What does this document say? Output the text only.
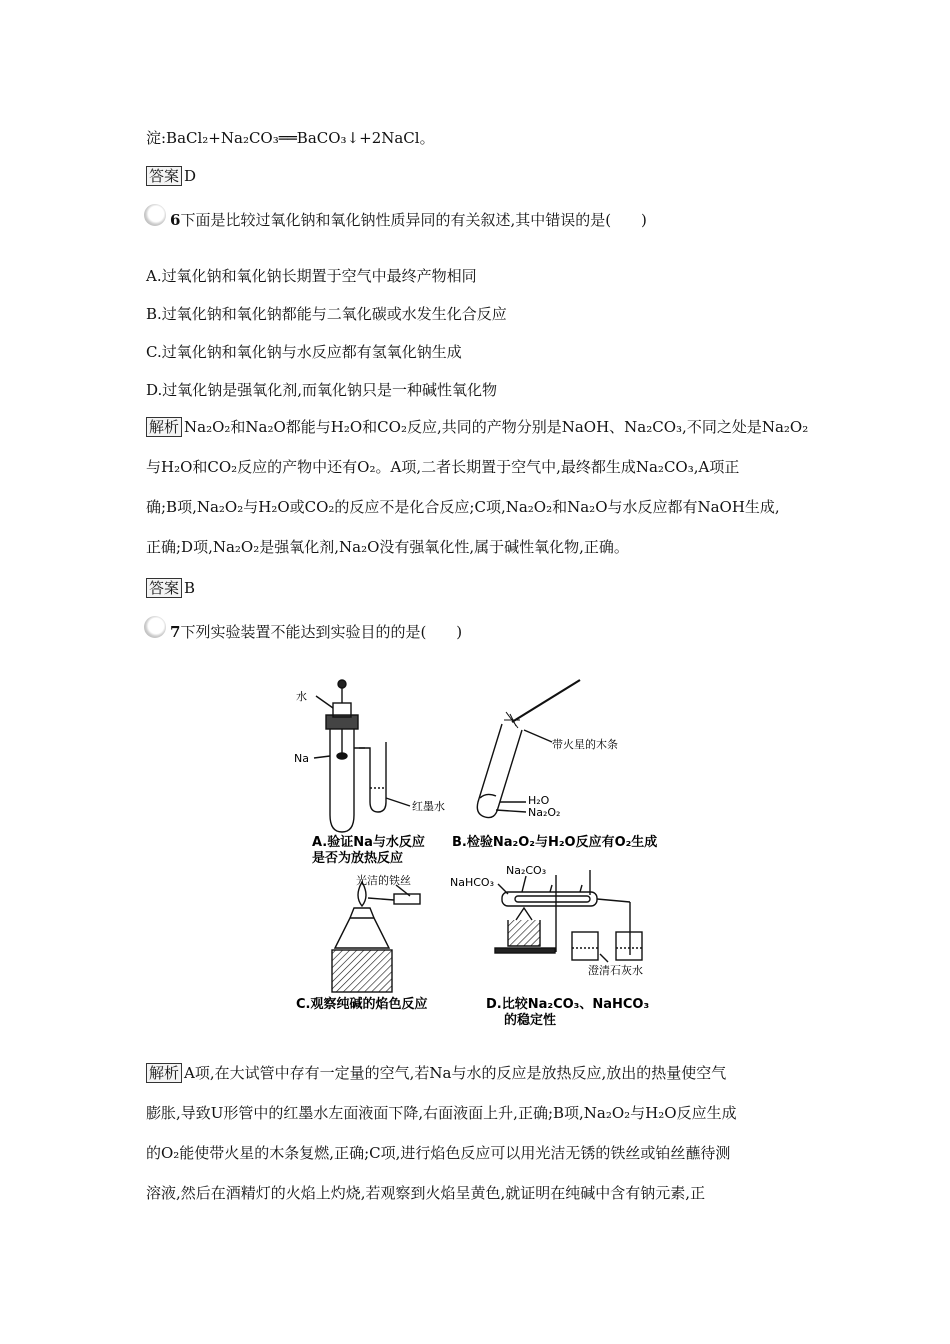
淀:BaCl₂+Na₂CO₃══BaCO₃↓+2NaCl。
答案 D
6下面是比较过氧化钠和氧化钠性质异同的有关叙述,其中错误的是(　　)
A.过氧化钠和氧化钠长期置于空气中最终产物相同
B.过氧化钠和氧化钠都能与二氧化碳或水发生化合反应
C.过氧化钠和氧化钠与水反应都有氢氧化钠生成
D.过氧化钠是强氧化剂,而氧化钠只是一种碱性氧化物
解析 Na₂O₂和Na₂O都能与H₂O和CO₂反应,共同的产物分别是NaOH、Na₂CO₃,不同之处是Na₂O₂
与H₂O和CO₂反应的产物中还有O₂。A项,二者长期置于空气中,最终都生成Na₂CO₃,A项正
确;B项,Na₂O₂与H₂O或CO₂的反应不是化合反应;C项,Na₂O₂和Na₂O与水反应都有NaOH生成,
正确;D项,Na₂O₂是强氧化剂,Na₂O没有强氧化性,属于碱性氧化物,正确。
答案 B
7下列实验装置不能达到实验目的的是(　　)
水
Na
红墨水
A.验证Na与水反应
是否为放热反应
带火星的木条
H₂O
Na₂O₂
B.检验Na₂O₂与H₂O反应有O₂生成
光洁的铁丝
C.观察纯碱的焰色反应
Na₂CO₃
NaHCO₃
澄清石灰水
D.比较Na₂CO₃、NaHCO₃
的稳定性
解析 A项,在大试管中存有一定量的空气,若Na与水的反应是放热反应,放出的热量使空气
膨胀,导致U形管中的红墨水左面液面下降,右面液面上升,正确;B项,Na₂O₂与H₂O反应生成
的O₂能使带火星的木条复燃,正确;C项,进行焰色反应可以用光洁无锈的铁丝或铂丝蘸待测
溶液,然后在酒精灯的火焰上灼烧,若观察到火焰呈黄色,就证明在纯碱中含有钠元素,正
